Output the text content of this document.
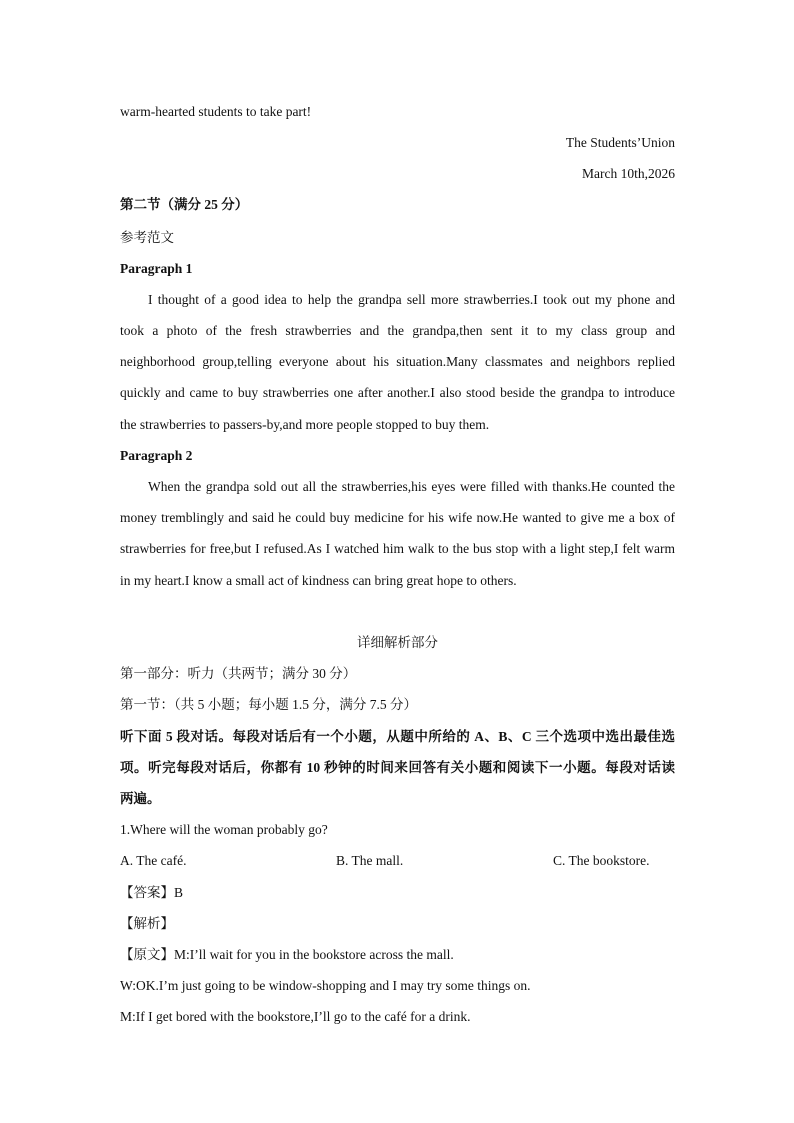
warm-hearted students to take part!
The Students’Union
March 10th,2026
第二节（满分 25 分）
参考范文
Paragraph 1
I thought of a good idea to help the grandpa sell more strawberries.I took out my phone and
took a photo of the fresh strawberries and the grandpa,then sent it to my class group and
neighborhood group,telling everyone about his situation.Many classmates and neighbors replied
quickly and came to buy strawberries one after another.I also stood beside the grandpa to introduce
the strawberries to passers-by,and more people stopped to buy them.
Paragraph 2
When the grandpa sold out all the strawberries,his eyes were filled with thanks.He counted the
money tremblingly and said he could buy medicine for his wife now.He wanted to give me a box of
strawberries for free,but I refused.As I watched him walk to the bus stop with a light step,I felt warm
in my heart.I know a small act of kindness can bring great hope to others.
详细解析部分
第一部分：听力（共两节；满分 30 分）
第一节：（共 5 小题；每小题 1.5 分，满分 7.5 分）
听下面 5 段对话。每段对话后有一个小题，从题中所给的 A、B、C 三个选项中选出最佳选
项。听完每段对话后，你都有 10 秒钟的时间来回答有关小题和阅读下一小题。每段对话读
两遍。
1.Where will the woman probably go?
A. The café.	B. The mall.	C. The bookstore.
【答案】B
【解析】
【原文】M:I’ll wait for you in the bookstore across the mall.
W:OK.I’m just going to be window-shopping and I may try some things on.
M:If I get bored with the bookstore,I’ll go to the café for a drink.
